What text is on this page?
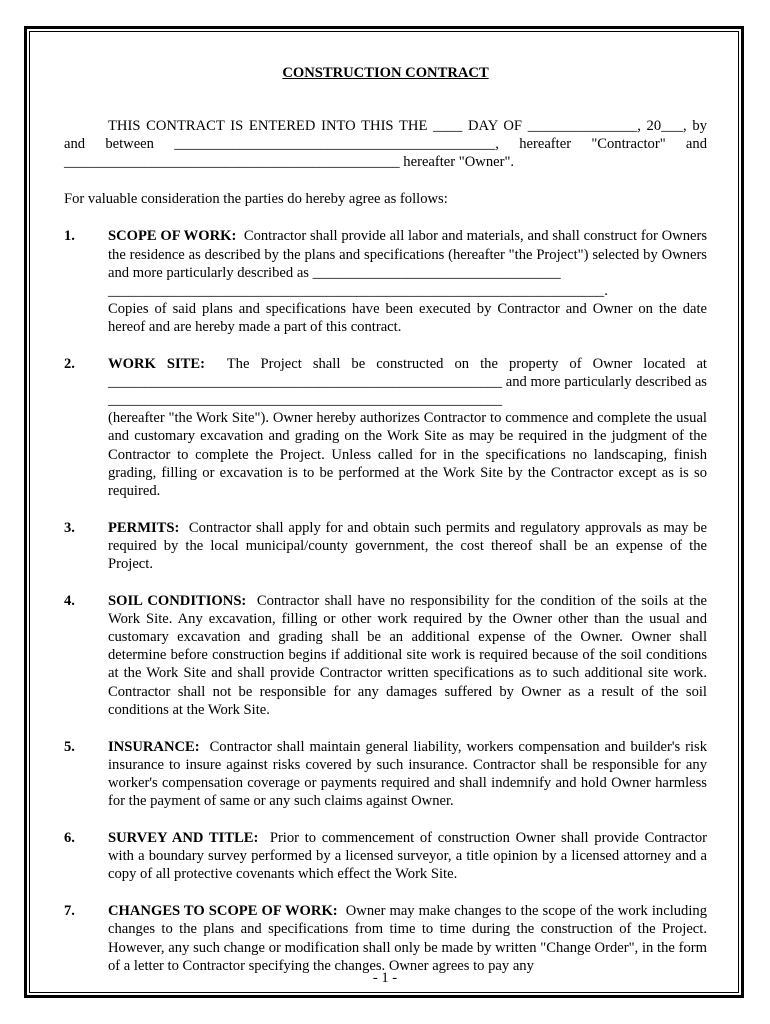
CONSTRUCTION CONTRACT
THIS CONTRACT IS ENTERED INTO THIS THE ____ DAY OF _______________, 20___, by and between ____________________________________________, hereafter "Contractor" and ______________________________________________ hereafter "Owner".
For valuable consideration the parties do hereby agree as follows:
1.	SCOPE OF WORK: Contractor shall provide all labor and materials, and shall construct for Owners the residence as described by the plans and specifications (hereafter "the Project") selected by Owners and more particularly described as __________________________________

____________________________________________________________________.

Copies of said plans and specifications have been executed by Contractor and Owner on the date hereof and are hereby made a part of this contract.

2.	WORK SITE: The Project shall be constructed on the property of Owner located at ______________________________________________________ and more particularly described as ______________________________________________________

(hereafter "the Work Site"). Owner hereby authorizes Contractor to commence and complete the usual and customary excavation and grading on the Work Site as may be required in the judgment of the Contractor to complete the Project. Unless called for in the specifications no landscaping, finish grading, filling or excavation is to be performed at the Work Site by the Contractor except as is so required.

3.	PERMITS: Contractor shall apply for and obtain such permits and regulatory approvals as may be required by the local municipal/county government, the cost thereof shall be an expense of the Project.

4.	SOIL CONDITIONS: Contractor shall have no responsibility for the condition of the soils at the Work Site. Any excavation, filling or other work required by the Owner other than the usual and customary excavation and grading shall be an additional expense of the Owner. Owner shall determine before construction begins if additional site work is required because of the soil conditions at the Work Site and shall provide Contractor written specifications as to such additional site work. Contractor shall not be responsible for any damages suffered by Owner as a result of the soil conditions at the Work Site.

5.	INSURANCE: Contractor shall maintain general liability, workers compensation and builder's risk insurance to insure against risks covered by such insurance. Contractor shall be responsible for any worker's compensation coverage or payments required and shall indemnify and hold Owner harmless for the payment of same or any such claims against Owner.

6.	SURVEY AND TITLE: Prior to commencement of construction Owner shall provide Contractor with a boundary survey performed by a licensed surveyor, a title opinion by a licensed attorney and a copy of all protective covenants which effect the Work Site.

7.	CHANGES TO SCOPE OF WORK: Owner may make changes to the scope of the work including changes to the plans and specifications from time to time during the construction of the Project. However, any such change or modification shall only be made by written "Change Order", in the form of a letter to Contractor specifying the changes. Owner agrees to pay any

- 1 -
